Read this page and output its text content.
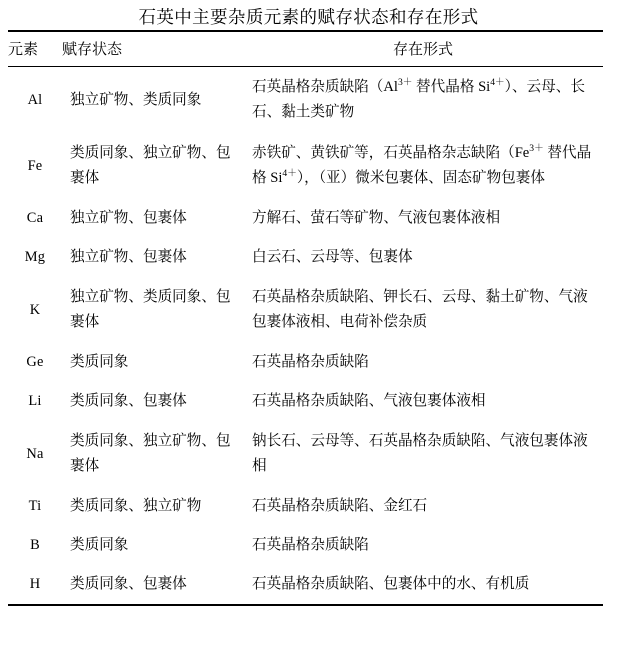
石英中主要杂质元素的赋存状态和存在形式
元素	赋存状态	存在形式
Al	独立矿物、类质同象	石英晶格杂质缺陷（$Al^{3+}$ 替代晶格 $Si^{4+}$）、云母、长石、黏土类矿物
Fe	类质同象、独立矿物、包裹体	赤铁矿、黄铁矿等，石英晶格杂志缺陷（$Fe^{3+}$ 替代晶格 $Si^{4+}$），（亚）微米包裹体、固态矿物包裹体
Ca	独立矿物、包裹体	方解石、萤石等矿物、气液包裹体液相
Mg	独立矿物、包裹体	白云石、云母等、包裹体
K	独立矿物、类质同象、包裹体	石英晶格杂质缺陷、钾长石、云母、黏土矿物、气液包裹体液相、电荷补偿杂质
Ge	类质同象	石英晶格杂质缺陷
Li	类质同象、包裹体	石英晶格杂质缺陷、气液包裹体液相
Na	类质同象、独立矿物、包裹体	钠长石、云母等、石英晶格杂质缺陷、气液包裹体液相
Ti	类质同象、独立矿物	石英晶格杂质缺陷、金红石
B	类质同象	石英晶格杂质缺陷
H	类质同象、包裹体	石英晶格杂质缺陷、包裹体中的水、有机质
